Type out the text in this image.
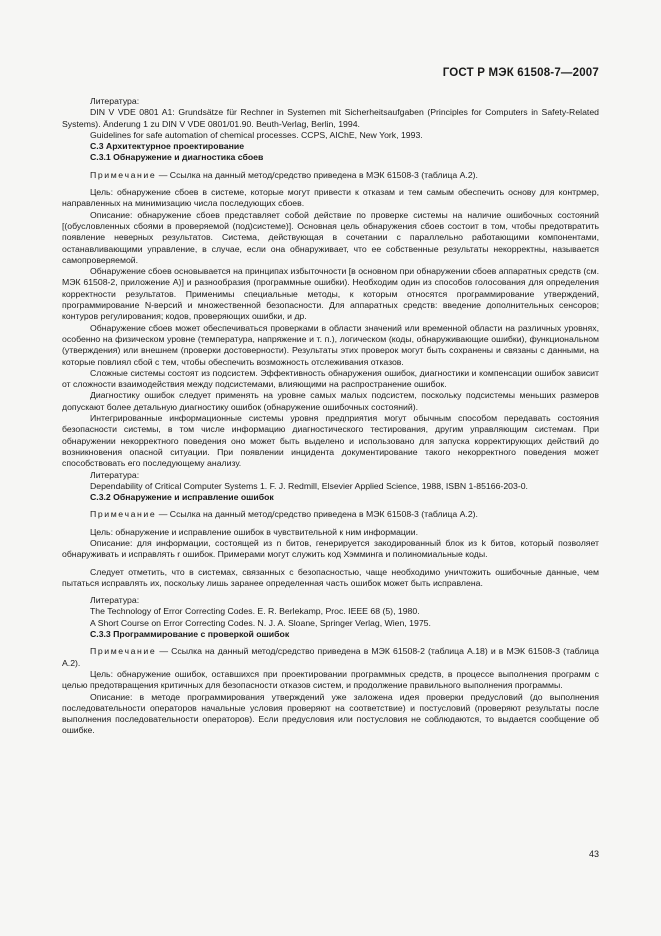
ГОСТ Р МЭК 61508-7—2007

Литература:

DIN V VDE 0801 A1: Grundsätze für Rechner in Systemen mit Sicherheitsaufgaben (Principles for Computers in Safety-Related Systems). Änderung 1 zu DIN V VDE 0801/01.90. Beuth-Verlag, Berlin, 1994.

Guidelines for safe automation of chemical processes. CCPS, AIChE, New York, 1993.

С.3 Архитектурное проектирование

С.3.1 Обнаружение и диагностика сбоев

Примечание — Ссылка на данный метод/средство приведена в МЭК 61508-3 (таблица А.2).

Цель: обнаружение сбоев в системе, которые могут привести к отказам и тем самым обеспечить основу для контрмер, направленных на минимизацию числа последующих сбоев.

Описание: обнаружение сбоев представляет собой действие по проверке системы на наличие ошибочных состояний [(обусловленных сбоями в проверяемой (под)системе)]. Основная цель обнаружения сбоев состоит в том, чтобы предотвратить появление неверных результатов. Система, действующая в сочетании с параллельно работающими компонентами, останавливающими управление, в случае, если она обнаруживает, что ее собственные результаты некорректны, называется самопроверяемой.

Обнаружение сбоев основывается на принципах избыточности [в основном при обнаружении сбоев аппаратных средств (см. МЭК 61508-2, приложение А)] и разнообразия (программные ошибки). Необходим один из способов голосования для определения корректности результатов. Применимы специальные методы, к которым относятся программирование утверждений, программирование N-версий и множественной безопасности. Для аппаратных средств: введение дополнительных сенсоров; контуров регулирования; кодов, проверяющих ошибки, и др.

Обнаружение сбоев может обеспечиваться проверками в области значений или временной области на различных уровнях, особенно на физическом уровне (температура, напряжение и т. п.), логическом (коды, обнаруживающие ошибки), функциональном (утверждения) или внешнем (проверки достоверности). Результаты этих проверок могут быть сохранены и связаны с данными, на которые повлиял сбой с тем, чтобы обеспечить возможность отслеживания отказов.

Сложные системы состоят из подсистем. Эффективность обнаружения ошибок, диагностики и компенсации ошибок зависит от сложности взаимодействия между подсистемами, влияющими на распространение ошибок.

Диагностику ошибок следует применять на уровне самых малых подсистем, поскольку подсистемы меньших размеров допускают более детальную диагностику ошибок (обнаружение ошибочных состояний).

Интегрированные информационные системы уровня предприятия могут обычным способом передавать состояния безопасности системы, в том числе информацию диагностического тестирования, другим управляющим системам. При обнаружении некорректного поведения оно может быть выделено и использовано для запуска корректирующих действий до возникновения опасной ситуации. При появлении инцидента документирование такого некорректного поведения может способствовать его последующему анализу.

Литература:

Dependability of Critical Computer Systems 1. F. J. Redmill, Elsevier Applied Science, 1988, ISBN 1-85166-203-0.

С.3.2 Обнаружение и исправление ошибок

Примечание — Ссылка на данный метод/средство приведена в МЭК 61508-3 (таблица А.2).

Цель: обнаружение и исправление ошибок в чувствительной к ним информации.

Описание: для информации, состоящей из n битов, генерируется закодированный блок из k битов, который позволяет обнаруживать и исправлять r ошибок. Примерами могут служить код Хэмминга и полиномиальные коды.

Следует отметить, что в системах, связанных с безопасностью, чаще необходимо уничтожить ошибочные данные, чем пытаться исправлять их, поскольку лишь заранее определенная часть ошибок может быть исправлена.

Литература:

The Technology of Error Correcting Codes. E. R. Berlekamp, Proc. IEEE 68 (5), 1980.

A Short Course on Error Correcting Codes. N. J. A. Sloane, Springer Verlag, Wien, 1975.

С.3.3 Программирование с проверкой ошибок

Примечание — Ссылка на данный метод/средство приведена в МЭК 61508-2 (таблица А.18) и в МЭК 61508-3 (таблица А.2).

Цель: обнаружение ошибок, оставшихся при проектировании программных средств, в процессе выполнения программ с целью предотвращения критичных для безопасности отказов систем, и продолжение правильного выполнения программы.

Описание: в методе программирования утверждений уже заложена идея проверки предусловий (до выполнения последовательности операторов начальные условия проверяют на соответствие) и постусловий (проверяют результаты после выполнения последовательности операторов). Если предусловия или постусловия не соблюдаются, то выдается сообщение об ошибке.

43
